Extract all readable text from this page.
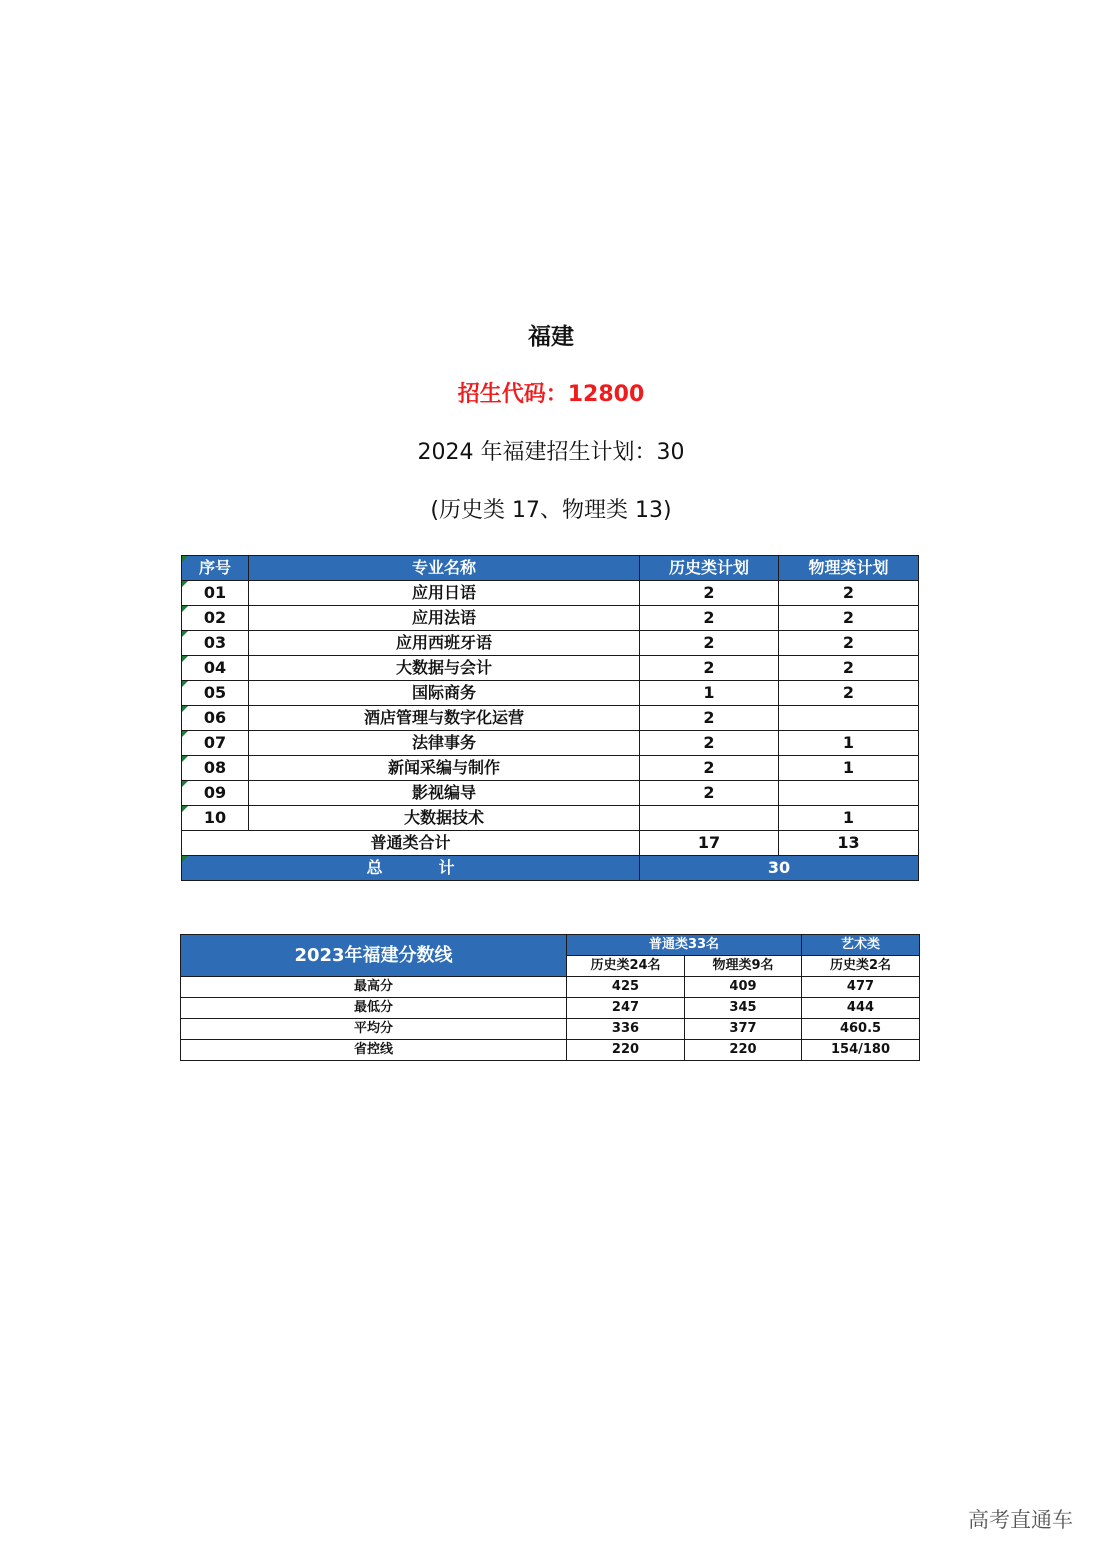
福建
招生代码：12800
2024 年福建招生计划：30
(历史类 17、物理类 13)
序号	专业名称	历史类计划	物理类计划
01	应用日语	2	2
02	应用法语	2	2
03	应用西班牙语	2	2
04	大数据与会计	2	2
05	国际商务	1	2
06	酒店管理与数字化运营	2	
07	法律事务	2	1
08	新闻采编与制作	2	1
09	影视编导	2	
10	大数据技术		1
普通类合计		17	13
总 计		30	
2023年福建分数线	普通类33名		艺术类
	历史类24名	物理类9名	历史类2名
最高分	425	409	477
最低分	247	345	444
平均分	336	377	460.5
省控线	220	220	154/180
高考直通车
